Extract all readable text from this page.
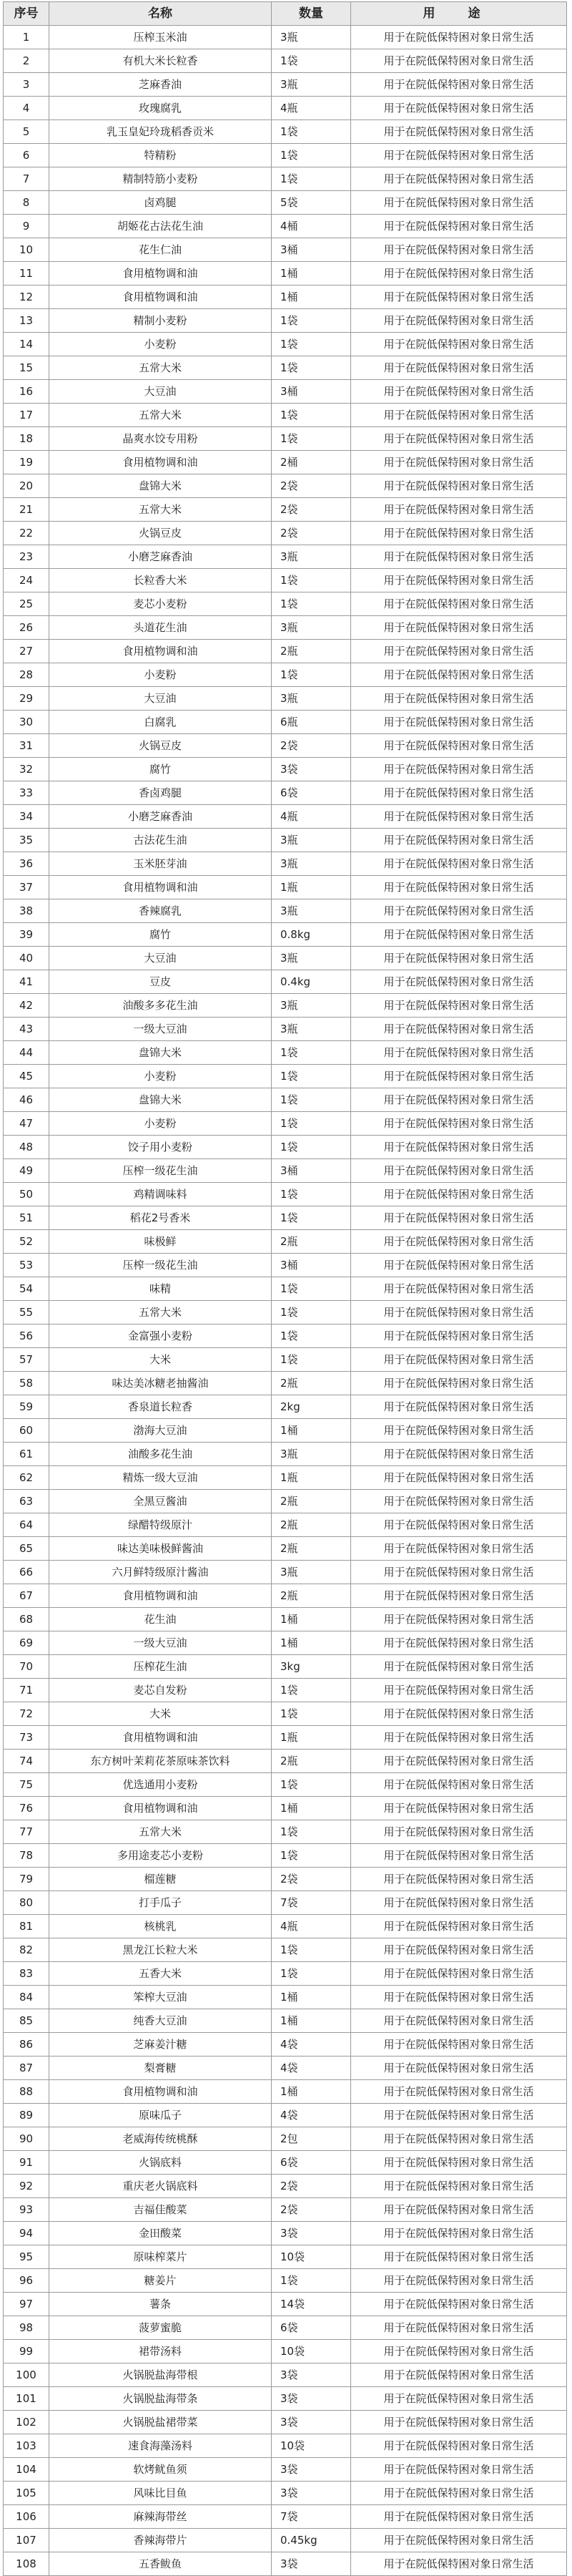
序号	名称	数量	用 途
1	压榨玉米油	3瓶	用于在院低保特困对象日常生活
2	有机大米长粒香	1袋	用于在院低保特困对象日常生活
3	芝麻香油	3瓶	用于在院低保特困对象日常生活
4	玫瑰腐乳	4瓶	用于在院低保特困对象日常生活
5	乳玉皇妃玲珑稻香贡米	1袋	用于在院低保特困对象日常生活
6	特精粉	1袋	用于在院低保特困对象日常生活
7	精制特筋小麦粉	1袋	用于在院低保特困对象日常生活
8	卤鸡腿	5袋	用于在院低保特困对象日常生活
9	胡姬花古法花生油	4桶	用于在院低保特困对象日常生活
10	花生仁油	3桶	用于在院低保特困对象日常生活
11	食用植物调和油	1桶	用于在院低保特困对象日常生活
12	食用植物调和油	1桶	用于在院低保特困对象日常生活
13	精制小麦粉	1袋	用于在院低保特困对象日常生活
14	小麦粉	1袋	用于在院低保特困对象日常生活
15	五常大米	1袋	用于在院低保特困对象日常生活
16	大豆油	3桶	用于在院低保特困对象日常生活
17	五常大米	1袋	用于在院低保特困对象日常生活
18	晶爽水饺专用粉	1袋	用于在院低保特困对象日常生活
19	食用植物调和油	2桶	用于在院低保特困对象日常生活
20	盘锦大米	2袋	用于在院低保特困对象日常生活
21	五常大米	2袋	用于在院低保特困对象日常生活
22	火锅豆皮	2袋	用于在院低保特困对象日常生活
23	小磨芝麻香油	3瓶	用于在院低保特困对象日常生活
24	长粒香大米	1袋	用于在院低保特困对象日常生活
25	麦芯小麦粉	1袋	用于在院低保特困对象日常生活
26	头道花生油	3瓶	用于在院低保特困对象日常生活
27	食用植物调和油	2瓶	用于在院低保特困对象日常生活
28	小麦粉	1袋	用于在院低保特困对象日常生活
29	大豆油	3瓶	用于在院低保特困对象日常生活
30	白腐乳	6瓶	用于在院低保特困对象日常生活
31	火锅豆皮	2袋	用于在院低保特困对象日常生活
32	腐竹	3袋	用于在院低保特困对象日常生活
33	香卤鸡腿	6袋	用于在院低保特困对象日常生活
34	小磨芝麻香油	4瓶	用于在院低保特困对象日常生活
35	古法花生油	3瓶	用于在院低保特困对象日常生活
36	玉米胚芽油	3瓶	用于在院低保特困对象日常生活
37	食用植物调和油	1瓶	用于在院低保特困对象日常生活
38	香辣腐乳	3瓶	用于在院低保特困对象日常生活
39	腐竹	0.8kg	用于在院低保特困对象日常生活
40	大豆油	3瓶	用于在院低保特困对象日常生活
41	豆皮	0.4kg	用于在院低保特困对象日常生活
42	油酸多多花生油	3瓶	用于在院低保特困对象日常生活
43	一级大豆油	3瓶	用于在院低保特困对象日常生活
44	盘锦大米	1袋	用于在院低保特困对象日常生活
45	小麦粉	1袋	用于在院低保特困对象日常生活
46	盘锦大米	1袋	用于在院低保特困对象日常生活
47	小麦粉	1袋	用于在院低保特困对象日常生活
48	饺子用小麦粉	1袋	用于在院低保特困对象日常生活
49	压榨一级花生油	3桶	用于在院低保特困对象日常生活
50	鸡精调味料	1袋	用于在院低保特困对象日常生活
51	稻花2号香米	1袋	用于在院低保特困对象日常生活
52	味极鲜	2瓶	用于在院低保特困对象日常生活
53	压榨一级花生油	3桶	用于在院低保特困对象日常生活
54	味精	1袋	用于在院低保特困对象日常生活
55	五常大米	1袋	用于在院低保特困对象日常生活
56	金富强小麦粉	1袋	用于在院低保特困对象日常生活
57	大米	1袋	用于在院低保特困对象日常生活
58	味达美冰糖老抽酱油	2瓶	用于在院低保特困对象日常生活
59	香泉道长粒香	2kg	用于在院低保特困对象日常生活
60	渤海大豆油	1桶	用于在院低保特困对象日常生活
61	油酸多花生油	3瓶	用于在院低保特困对象日常生活
62	精炼一级大豆油	1瓶	用于在院低保特困对象日常生活
63	全黑豆酱油	2瓶	用于在院低保特困对象日常生活
64	绿醋特级原汁	2瓶	用于在院低保特困对象日常生活
65	味达美味极鲜酱油	2瓶	用于在院低保特困对象日常生活
66	六月鲜特级原汁酱油	3瓶	用于在院低保特困对象日常生活
67	食用植物调和油	2瓶	用于在院低保特困对象日常生活
68	花生油	1桶	用于在院低保特困对象日常生活
69	一级大豆油	1桶	用于在院低保特困对象日常生活
70	压榨花生油	3kg	用于在院低保特困对象日常生活
71	麦芯自发粉	1袋	用于在院低保特困对象日常生活
72	大米	1袋	用于在院低保特困对象日常生活
73	食用植物调和油	1瓶	用于在院低保特困对象日常生活
74	东方树叶茉莉花茶原味茶饮料	2瓶	用于在院低保特困对象日常生活
75	优选通用小麦粉	1袋	用于在院低保特困对象日常生活
76	食用植物调和油	1桶	用于在院低保特困对象日常生活
77	五常大米	1袋	用于在院低保特困对象日常生活
78	多用途麦芯小麦粉	1袋	用于在院低保特困对象日常生活
79	榴莲糖	2袋	用于在院低保特困对象日常生活
80	打手瓜子	7袋	用于在院低保特困对象日常生活
81	核桃乳	4瓶	用于在院低保特困对象日常生活
82	黑龙江长粒大米	1袋	用于在院低保特困对象日常生活
83	五香大米	1袋	用于在院低保特困对象日常生活
84	笨榨大豆油	1桶	用于在院低保特困对象日常生活
85	纯香大豆油	1桶	用于在院低保特困对象日常生活
86	芝麻姜汁糖	4袋	用于在院低保特困对象日常生活
87	梨膏糖	4袋	用于在院低保特困对象日常生活
88	食用植物调和油	1桶	用于在院低保特困对象日常生活
89	原味瓜子	4袋	用于在院低保特困对象日常生活
90	老威海传统桃酥	2包	用于在院低保特困对象日常生活
91	火锅底料	6袋	用于在院低保特困对象日常生活
92	重庆老火锅底料	2袋	用于在院低保特困对象日常生活
93	吉福佳酸菜	2袋	用于在院低保特困对象日常生活
94	金田酸菜	3袋	用于在院低保特困对象日常生活
95	原味榨菜片	10袋	用于在院低保特困对象日常生活
96	糖姜片	1袋	用于在院低保特困对象日常生活
97	薯条	14袋	用于在院低保特困对象日常生活
98	菠萝蜜脆	6袋	用于在院低保特困对象日常生活
99	裙带汤料	10袋	用于在院低保特困对象日常生活
100	火锅脱盐海带根	3袋	用于在院低保特困对象日常生活
101	火锅脱盐海带条	3袋	用于在院低保特困对象日常生活
102	火锅脱盐裙带菜	3袋	用于在院低保特困对象日常生活
103	速食海藻汤料	10袋	用于在院低保特困对象日常生活
104	软烤鱿鱼须	3袋	用于在院低保特困对象日常生活
105	风味比目鱼	3袋	用于在院低保特困对象日常生活
106	麻辣海带丝	7袋	用于在院低保特困对象日常生活
107	香辣海带片	0.45kg	用于在院低保特困对象日常生活
108	五香鲅鱼	3袋	用于在院低保特困对象日常生活
